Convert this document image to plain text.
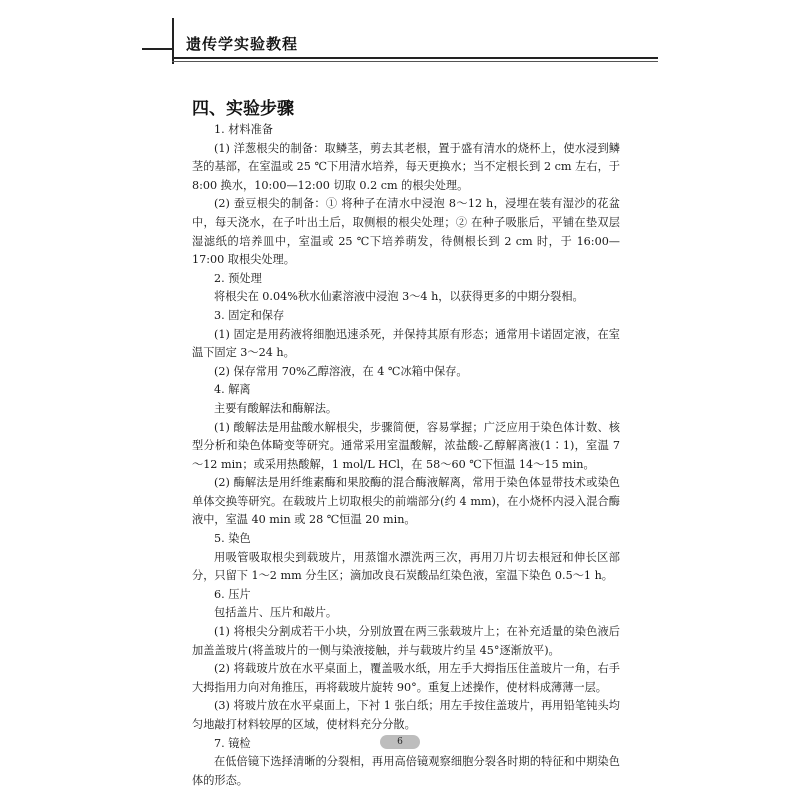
遗传学实验教程
四、实验步骤

1. 材料准备

(1) 洋葱根尖的制备：取鳞茎，剪去其老根，置于盛有清水的烧杯上，使水浸到鳞茎的基部，在室温或 25 ℃下用清水培养，每天更换水；当不定根长到 2 cm 左右，于 8:00 换水，10:00—12:00 切取 0.2 cm 的根尖处理。

(2) 蚕豆根尖的制备：① 将种子在清水中浸泡 8～12 h，浸埋在装有湿沙的花盆中，每天浇水，在子叶出土后，取侧根的根尖处理；② 在种子吸胀后，平铺在垫双层湿滤纸的培养皿中，室温或 25 ℃下培养萌发，待侧根长到 2 cm 时，于 16:00—17:00 取根尖处理。

2. 预处理

将根尖在 0.04%秋水仙素溶液中浸泡 3～4 h，以获得更多的中期分裂相。

3. 固定和保存

(1) 固定是用药液将细胞迅速杀死，并保持其原有形态；通常用卡诺固定液，在室温下固定 3～24 h。

(2) 保存常用 70%乙醇溶液，在 4 ℃冰箱中保存。

4. 解离

主要有酸解法和酶解法。

(1) 酸解法是用盐酸水解根尖，步骤简便，容易掌握；广泛应用于染色体计数、核型分析和染色体畸变等研究。通常采用室温酸解，浓盐酸-乙醇解离液(1∶1)，室温 7～12 min；或采用热酸解，1 mol/L HCl，在 58～60 ℃下恒温 14～15 min。

(2) 酶解法是用纤维素酶和果胶酶的混合酶液解离，常用于染色体显带技术或染色单体交换等研究。在载玻片上切取根尖的前端部分(约 4 mm)，在小烧杯内浸入混合酶液中，室温 40 min 或 28 ℃恒温 20 min。

5. 染色

用吸管吸取根尖到载玻片，用蒸馏水漂洗两三次，再用刀片切去根冠和伸长区部分，只留下 1～2 mm 分生区；滴加改良石炭酸品红染色液，室温下染色 0.5～1 h。

6. 压片

包括盖片、压片和敲片。

(1) 将根尖分割成若干小块，分别放置在两三张载玻片上；在补充适量的染色液后加盖盖玻片(将盖玻片的一侧与染液接触，并与载玻片约呈 45°逐渐放平)。

(2) 将载玻片放在水平桌面上，覆盖吸水纸，用左手大拇指压住盖玻片一角，右手大拇指用力向对角推压，再将载玻片旋转 90°。重复上述操作，使材料成薄薄一层。

(3) 将玻片放在水平桌面上，下衬 1 张白纸；用左手按住盖玻片，再用铅笔钝头均匀地敲打材料较厚的区域，使材料充分分散。

7. 镜检

在低倍镜下选择清晰的分裂相，再用高倍镜观察细胞分裂各时期的特征和中期染色体的形态。

6
